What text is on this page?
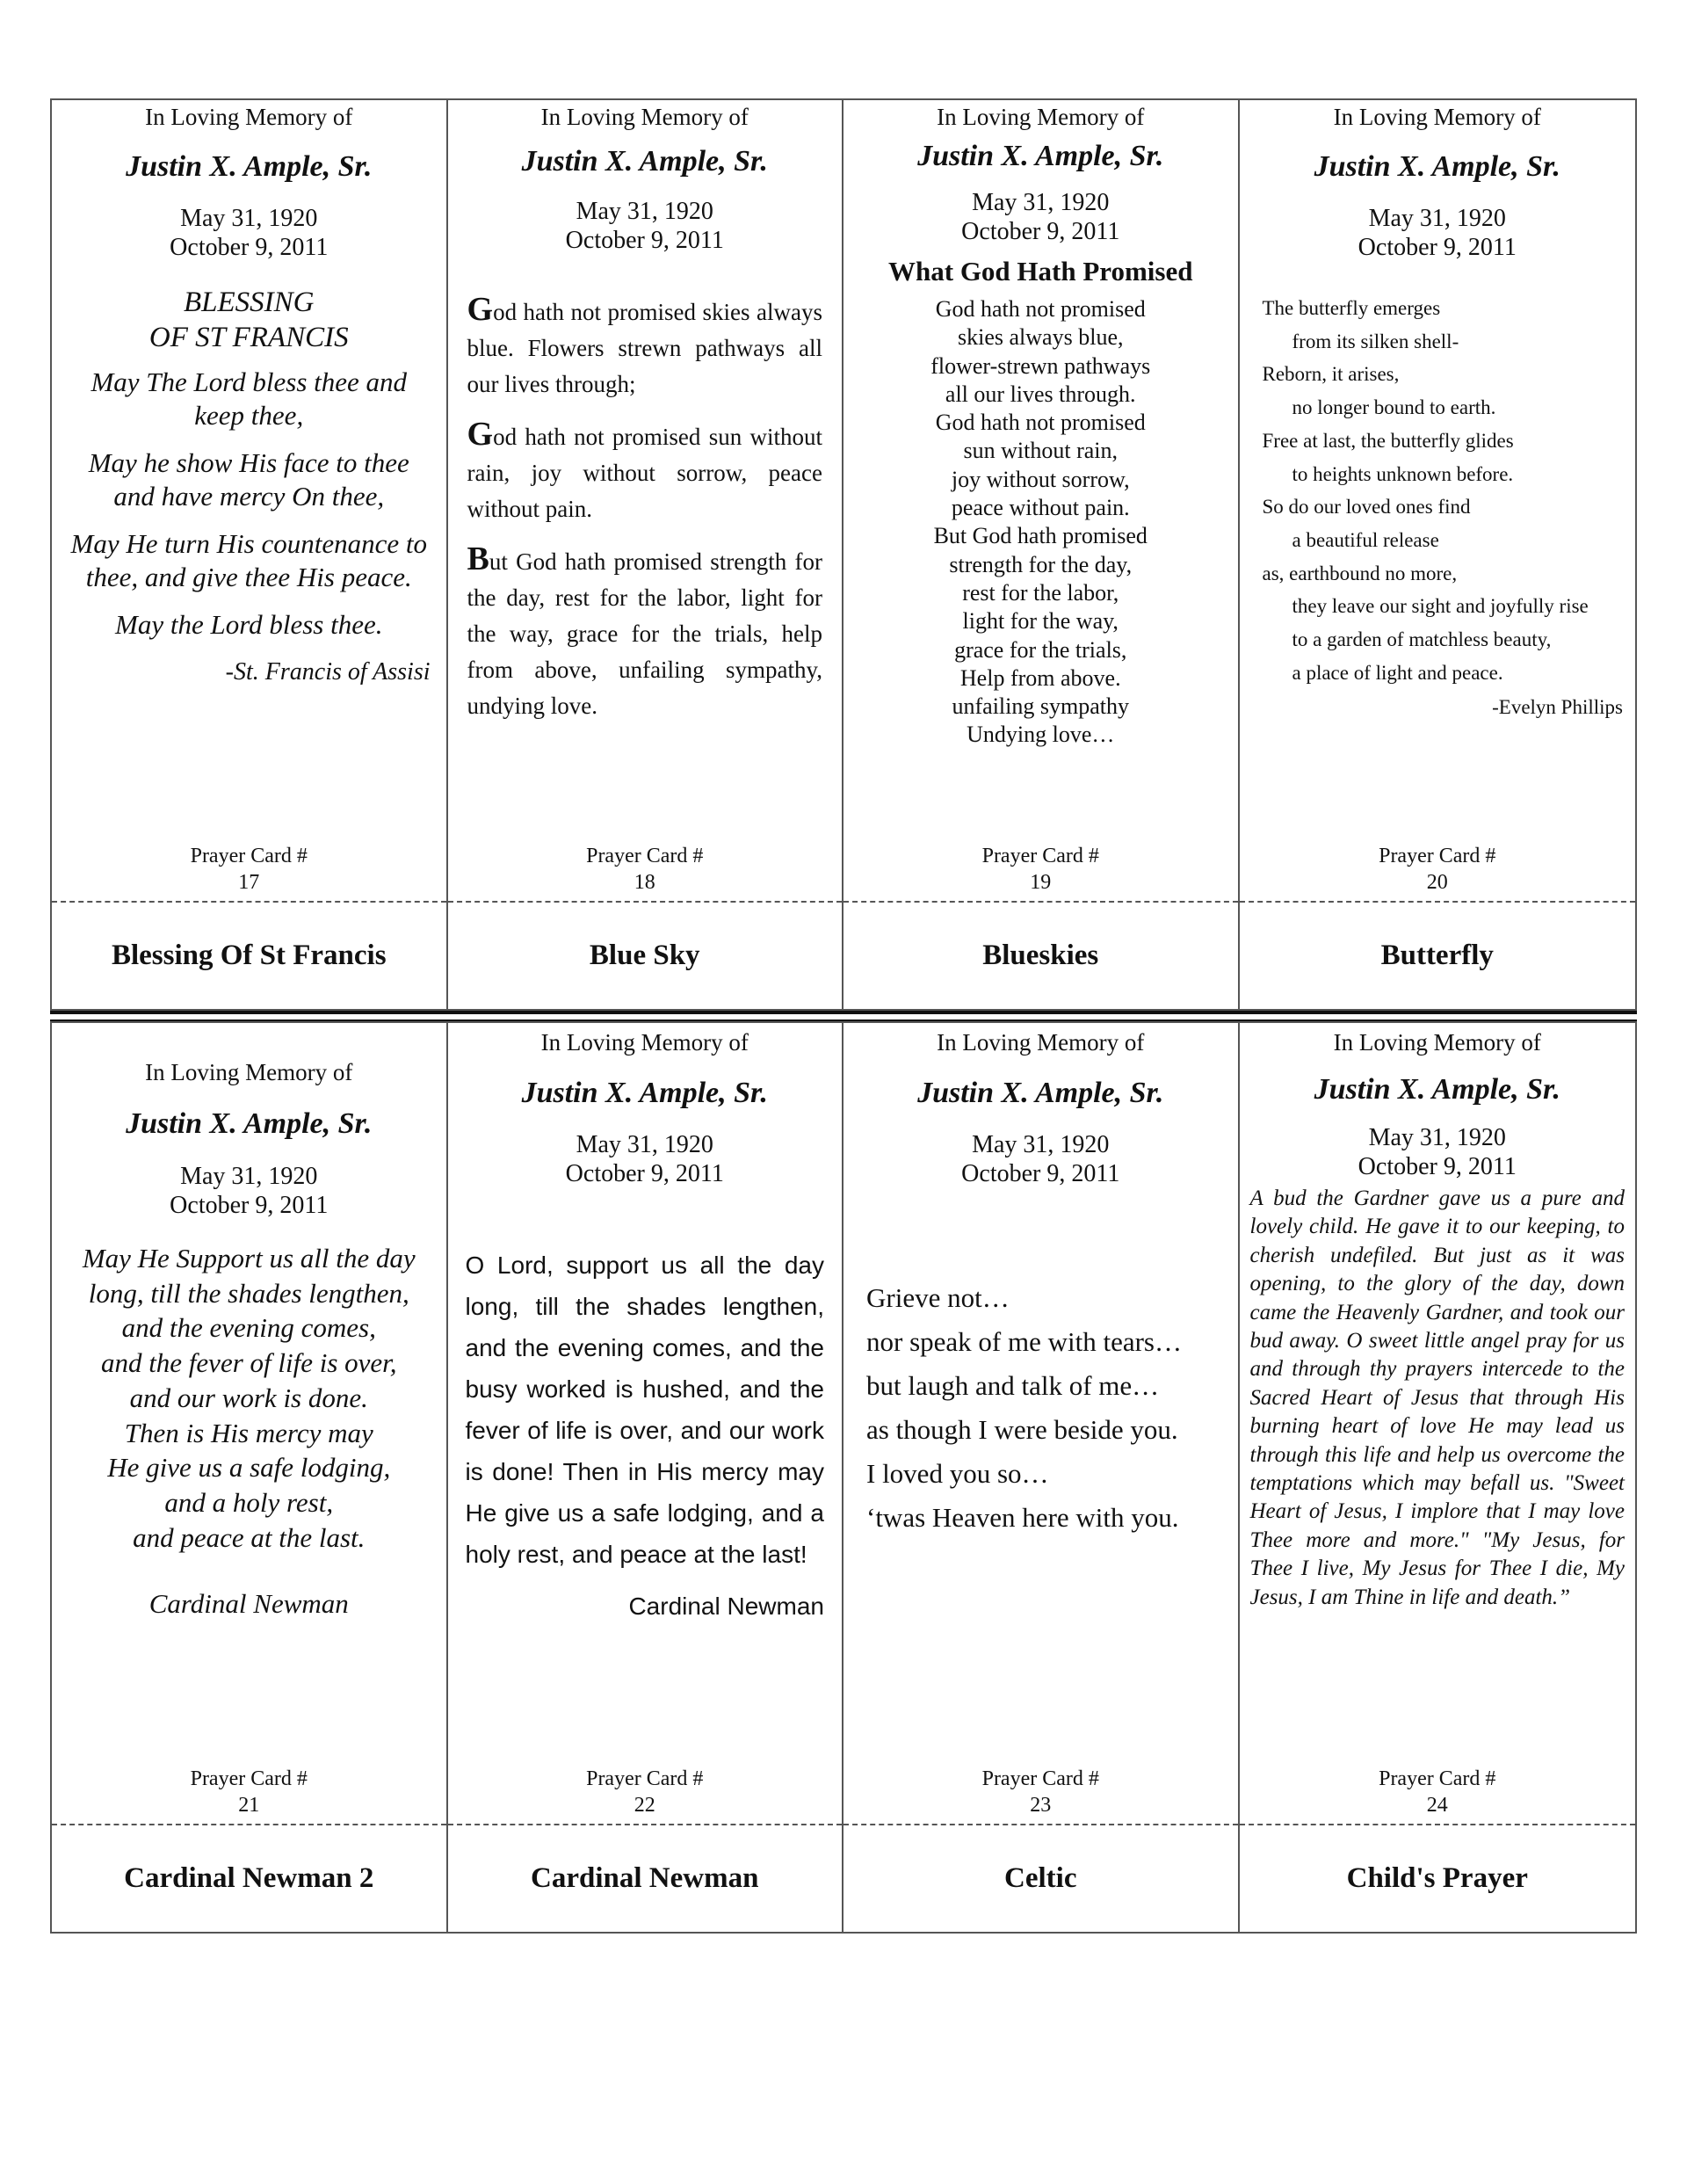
In Loving Memory of
Justin X. Ample, Sr.
May 31, 1920
October 9, 2011
BLESSING
OF ST FRANCIS

May The Lord bless thee and keep thee,

May he show His face to thee and have mercy On thee,

May He turn His countenance to thee, and give thee His peace.

May the Lord bless thee.

-St. Francis of Assisi
Prayer Card #
17
Blessing Of St Francis
In Loving Memory of
Justin X. Ample, Sr.
May 31, 1920
October 9, 2011

God hath not promised skies always blue. Flowers strewn pathways all our lives through;

God hath not promised sun without rain, joy without sorrow, peace without pain.

But God hath promised strength for the day, rest for the labor, light for the way, grace for the trials, help from above, unfailing sympathy, undying love.

Prayer Card #
18
Blue Sky
In Loving Memory of
Justin X. Ample, Sr.
May 31, 1920
October 9, 2011
What God Hath Promised
God hath not promised
skies always blue,
flower-strewn pathways
all our lives through.
God hath not promised
sun without rain,
joy without sorrow,
peace without pain.
But God hath promised
strength for the day,
rest for the labor,
light for the way,
grace for the trials,
Help from above.
unfailing sympathy
Undying love…
Prayer Card #
19
Blueskies
In Loving Memory of
Justin X. Ample, Sr.
May 31, 1920
October 9, 2011
The butterfly emerges
from its silken shell-
Reborn, it arises,
no longer bound to earth.
Free at last, the butterfly glides
to heights unknown before.
So do our loved ones find
a beautiful release
as, earthbound no more,
they leave our sight and joyfully rise
to a garden of matchless beauty,
a place of light and peace.
-Evelyn Phillips
Prayer Card #
20
Butterfly
In Loving Memory of
Justin X. Ample, Sr.
May 31, 1920
October 9, 2011
May He Support us all the day
long, till the shades lengthen,
and the evening comes,
and the fever of life is over,
and our work is done.
Then is His mercy may
He give us a safe lodging,
and a holy rest,
and peace at the last.
Cardinal Newman
Prayer Card #
21
Cardinal Newman 2
In Loving Memory of
Justin X. Ample, Sr.
May 31, 1920
October 9, 2011

O Lord, support us all the day long, till the shades lengthen, and the evening comes, and the busy worked is hushed, and the fever of life is over, and our work is done! Then in His mercy may He give us a safe lodging, and a holy rest, and peace at the last!

Cardinal Newman
Prayer Card #
22
Cardinal Newman
In Loving Memory of
Justin X. Ample, Sr.
May 31, 1920
October 9, 2011
Grieve not…
nor speak of me with tears…
but laugh and talk of me…
as though I were beside you.
I loved you so…
‘twas Heaven here with you.
Prayer Card #
23
Celtic
In Loving Memory of
Justin X. Ample, Sr.
May 31, 1920
October 9, 2011

A bud the Gardner gave us a pure and lovely child. He gave it to our keeping, to cherish undefiled. But just as it was opening, to the glory of the day, down came the Heavenly Gardner, and took our bud away. O sweet little angel pray for us and through thy prayers intercede to the Sacred Heart of Jesus that through His burning heart of love He may lead us through this life and help us overcome the temptations which may befall us. "Sweet Heart of Jesus, I implore that I may love Thee more and more." "My Jesus, for Thee I live, My Jesus for Thee I die, My Jesus, I am Thine in life and death.”

Prayer Card #
24
Child's Prayer
